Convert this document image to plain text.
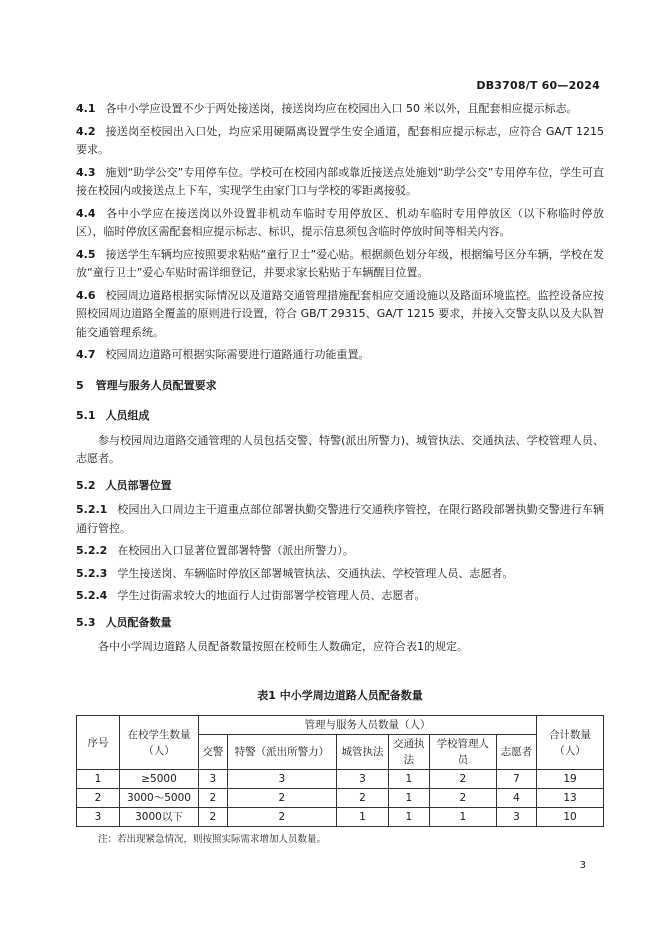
DB3708/T 60—2024

4.1 各中小学应设置不少于两处接送岗，接送岗均应在校园出入口 50 米以外，且配套相应提示标志。

4.2 接送岗至校园出入口处，均应采用硬隔离设置学生安全通道，配套相应提示标志，应符合 GA/T 1215 要求。

4.3 施划“助学公交”专用停车位。学校可在校园内部或靠近接送点处施划“助学公交”专用停车位，学生可直接在校园内或接送点上下车，实现学生由家门口与学校的零距离接驳。

4.4 各中小学应在接送岗以外设置非机动车临时专用停放区、机动车临时专用停放区（以下称临时停放区），临时停放区需配套相应提示标志、标识，提示信息须包含临时停放时间等相关内容。

4.5 接送学生车辆均应按照要求粘贴“童行卫士”爱心贴。根据颜色划分年级，根据编号区分车辆，学校在发放“童行卫士”爱心车贴时需详细登记，并要求家长粘贴于车辆醒目位置。

4.6 校园周边道路根据实际情况以及道路交通管理措施配套相应交通设施以及路面环境监控。监控设备应按照校园周边道路全覆盖的原则进行设置，符合 GB/T 29315、GA/T 1215 要求，并接入交警支队以及大队智能交通管理系统。

4.7 校园周边道路可根据实际需要进行道路通行功能重置。

5 管理与服务人员配置要求
5.1 人员组成

参与校园周边道路交通管理的人员包括交警、特警(派出所警力)、城管执法、交通执法、学校管理人员、志愿者。

5.2 人员部署位置

5.2.1 校园出入口周边主干道重点部位部署执勤交警进行交通秩序管控，在限行路段部署执勤交警进行车辆通行管控。

5.2.2 在校园出入口显著位置部署特警（派出所警力）。

5.2.3 学生接送岗、车辆临时停放区部署城管执法、交通执法、学校管理人员、志愿者。

5.2.4 学生过街需求较大的地面行人过街部署学校管理人员、志愿者。

5.3 人员配备数量

各中小学周边道路人员配备数量按照在校师生人数确定，应符合表1的规定。

表1 中小学周边道路人员配备数量
序号	在校学生数量（人）	管理与服务人员数量（人）						合计数量（人）
		交警	特警（派出所警力）	城管执法	交通执法	学校管理人员	志愿者	
1	≥5000	3	3	3	1	2	7	19
2	3000～5000	2	2	2	1	2	4	13
3	3000以下	2	2	1	1	1	3	10
注：若出现紧急情况，则按照实际需求增加人员数量。
3
